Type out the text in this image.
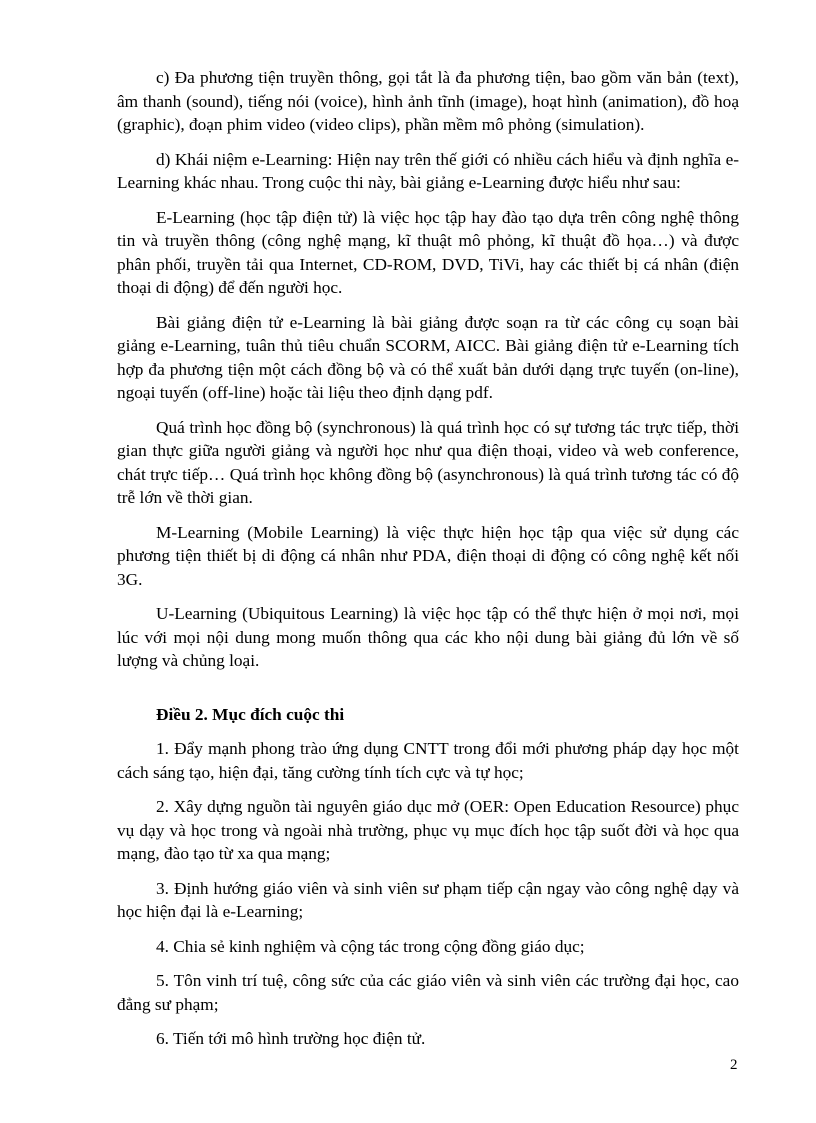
c) Đa phương tiện truyền thông, gọi tắt là đa phương tiện, bao gồm văn bản (text), âm thanh (sound), tiếng nói (voice), hình ảnh tĩnh (image), hoạt hình (animation), đồ hoạ (graphic), đoạn phim video (video clips), phần mềm mô phỏng (simulation).

d) Khái niệm e-Learning: Hiện nay trên thế giới có nhiều cách hiểu và định nghĩa e-Learning khác nhau. Trong cuộc thi này, bài giảng e-Learning được hiểu như sau:

E-Learning (học tập điện tử) là việc học tập hay đào tạo dựa trên công nghệ thông tin và truyền thông (công nghệ mạng, kĩ thuật mô phỏng, kĩ thuật đồ họa…) và được phân phối, truyền tải qua Internet, CD-ROM, DVD, TiVi, hay các thiết bị cá nhân (điện thoại di động) để đến người học.

Bài giảng điện tử e-Learning là bài giảng được soạn ra từ các công cụ soạn bài giảng e-Learning, tuân thủ tiêu chuẩn SCORM, AICC. Bài giảng điện tử e-Learning tích hợp đa phương tiện một cách đồng bộ và có thể xuất bản dưới dạng trực tuyến (on-line), ngoại tuyến (off-line) hoặc tài liệu theo định dạng pdf.

Quá trình học đồng bộ (synchronous) là quá trình học có sự tương tác trực tiếp, thời gian thực giữa người giảng và người học như qua điện thoại, video và web conference, chát trực tiếp… Quá trình học không đồng bộ (asynchronous) là quá trình tương tác có độ trễ lớn về thời gian.

M-Learning (Mobile Learning) là việc thực hiện học tập qua việc sử dụng các phương tiện thiết bị di động cá nhân như PDA, điện thoại di động có công nghệ kết nối 3G.

U-Learning (Ubiquitous Learning) là việc học tập có thể thực hiện ở mọi nơi, mọi lúc với mọi nội dung mong muốn thông qua các kho nội dung bài giảng đủ lớn về số lượng và chủng loại.

Điều 2. Mục đích cuộc thi

1. Đẩy mạnh phong trào ứng dụng CNTT trong đổi mới phương pháp dạy học một cách sáng tạo, hiện đại, tăng cường tính tích cực và tự học;

2. Xây dựng nguồn tài nguyên giáo dục mở (OER: Open Education Resource) phục vụ dạy và học trong và ngoài nhà trường, phục vụ mục đích học tập suốt đời và học qua mạng, đào tạo từ xa qua mạng;

3. Định hướng giáo viên và sinh viên sư phạm tiếp cận ngay vào công nghệ dạy và học hiện đại là e-Learning;

4. Chia sẻ kinh nghiệm và cộng tác trong cộng đồng giáo dục;

5. Tôn vinh trí tuệ, công sức của các giáo viên và sinh viên các trường đại học, cao đẳng sư phạm;

6. Tiến tới mô hình trường học điện tử.

2
